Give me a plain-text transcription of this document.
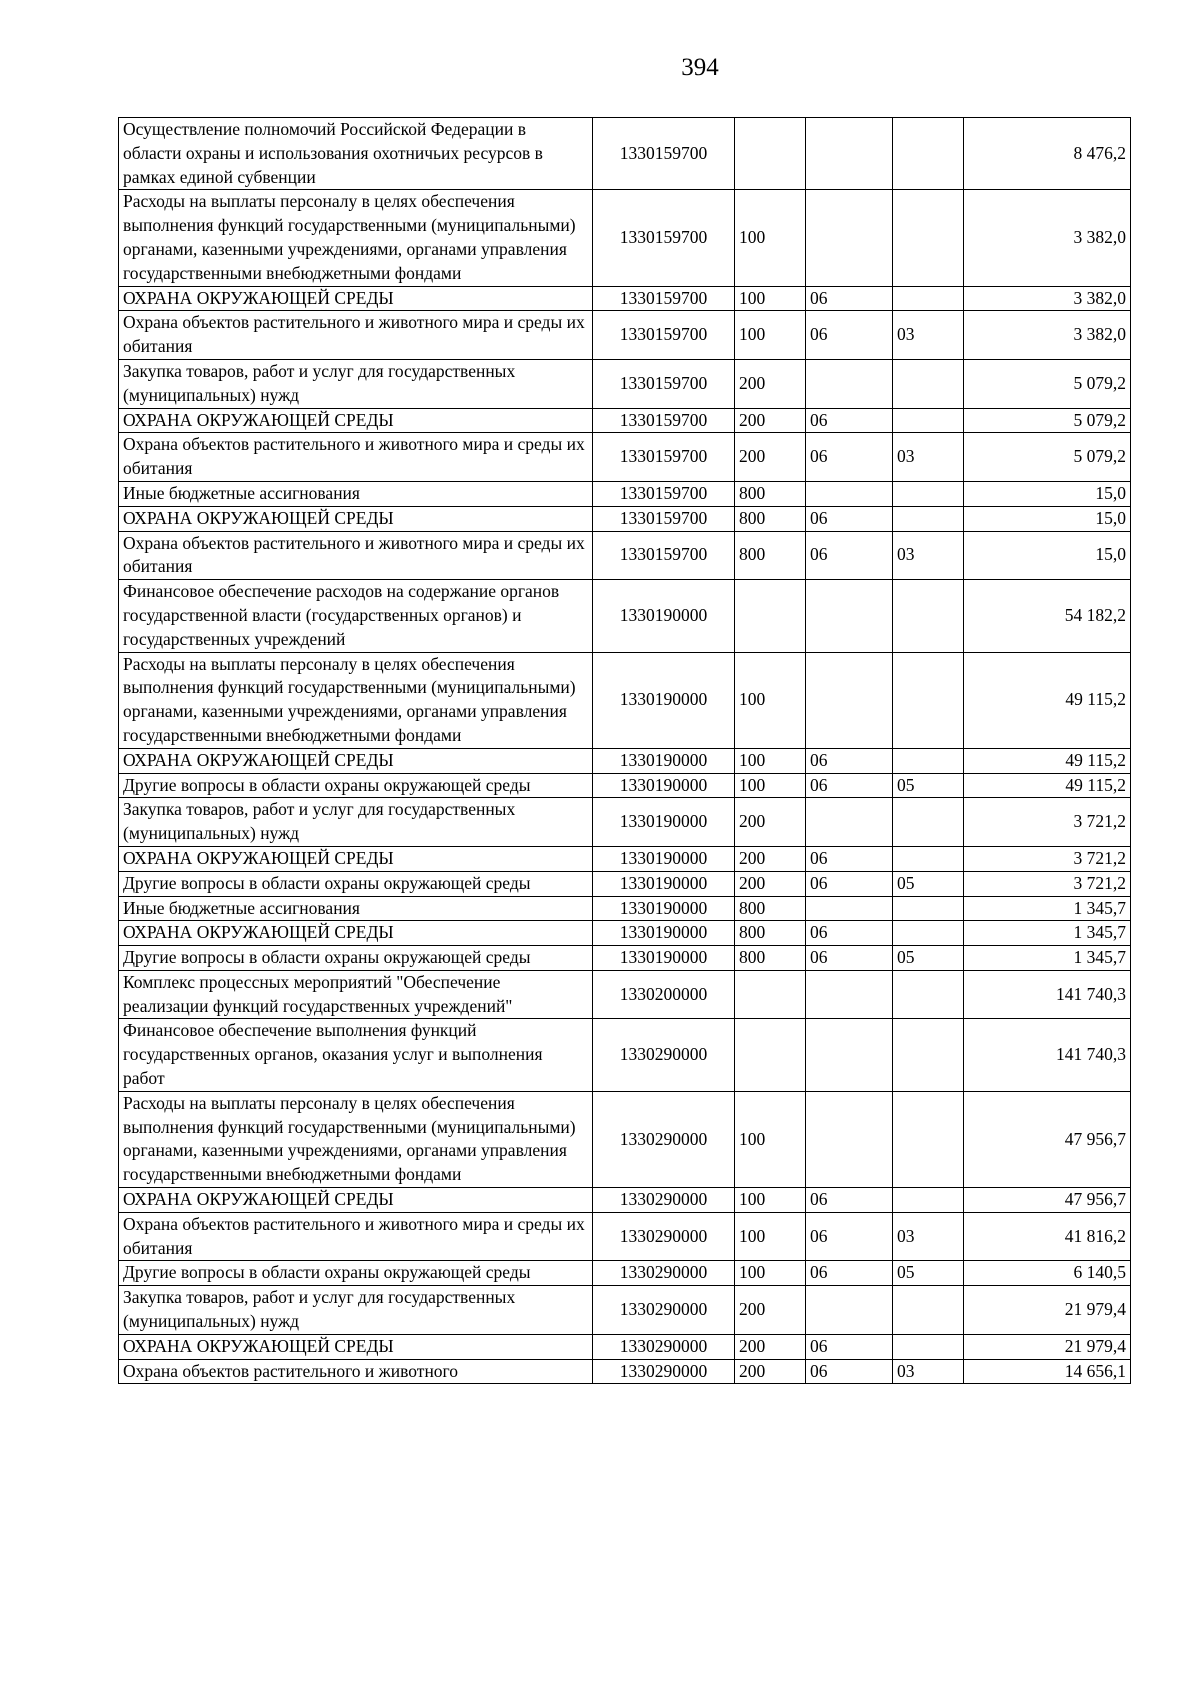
394
Осуществление полномочий Российской Федерации в области охраны и использования охотничьих ресурсов в рамках единой субвенции	1330159700				8 476,2
Расходы на выплаты персоналу в целях обеспечения выполнения функций государственными (муниципальными) органами, казенными учреждениями, органами управления государственными внебюджетными фондами	1330159700	100			3 382,0
ОХРАНА ОКРУЖАЮЩЕЙ СРЕДЫ	1330159700	100	06		3 382,0
Охрана объектов растительного и животного мира и среды их обитания	1330159700	100	06	03	3 382,0
Закупка товаров, работ и услуг для государственных (муниципальных) нужд	1330159700	200			5 079,2
ОХРАНА ОКРУЖАЮЩЕЙ СРЕДЫ	1330159700	200	06		5 079,2
Охрана объектов растительного и животного мира и среды их обитания	1330159700	200	06	03	5 079,2
Иные бюджетные ассигнования	1330159700	800			15,0
ОХРАНА ОКРУЖАЮЩЕЙ СРЕДЫ	1330159700	800	06		15,0
Охрана объектов растительного и животного мира и среды их обитания	1330159700	800	06	03	15,0
Финансовое обеспечение расходов на содержание органов государственной власти (государственных органов) и государственных учреждений	1330190000				54 182,2
Расходы на выплаты персоналу в целях обеспечения выполнения функций государственными (муниципальными) органами, казенными учреждениями, органами управления государственными внебюджетными фондами	1330190000	100			49 115,2
ОХРАНА ОКРУЖАЮЩЕЙ СРЕДЫ	1330190000	100	06		49 115,2
Другие вопросы в области охраны окружающей среды	1330190000	100	06	05	49 115,2
Закупка товаров, работ и услуг для государственных (муниципальных) нужд	1330190000	200			3 721,2
ОХРАНА ОКРУЖАЮЩЕЙ СРЕДЫ	1330190000	200	06		3 721,2
Другие вопросы в области охраны окружающей среды	1330190000	200	06	05	3 721,2
Иные бюджетные ассигнования	1330190000	800			1 345,7
ОХРАНА ОКРУЖАЮЩЕЙ СРЕДЫ	1330190000	800	06		1 345,7
Другие вопросы в области охраны окружающей среды	1330190000	800	06	05	1 345,7
Комплекс процессных мероприятий "Обеспечение реализации функций государственных учреждений"	1330200000				141 740,3
Финансовое обеспечение выполнения функций государственных органов, оказания услуг и выполнения работ	1330290000				141 740,3
Расходы на выплаты персоналу в целях обеспечения выполнения функций государственными (муниципальными) органами, казенными учреждениями, органами управления государственными внебюджетными фондами	1330290000	100			47 956,7
ОХРАНА ОКРУЖАЮЩЕЙ СРЕДЫ	1330290000	100	06		47 956,7
Охрана объектов растительного и животного мира и среды их обитания	1330290000	100	06	03	41 816,2
Другие вопросы в области охраны окружающей среды	1330290000	100	06	05	6 140,5
Закупка товаров, работ и услуг для государственных (муниципальных) нужд	1330290000	200			21 979,4
ОХРАНА ОКРУЖАЮЩЕЙ СРЕДЫ	1330290000	200	06		21 979,4
Охрана объектов растительного и животного	1330290000	200	06	03	14 656,1
